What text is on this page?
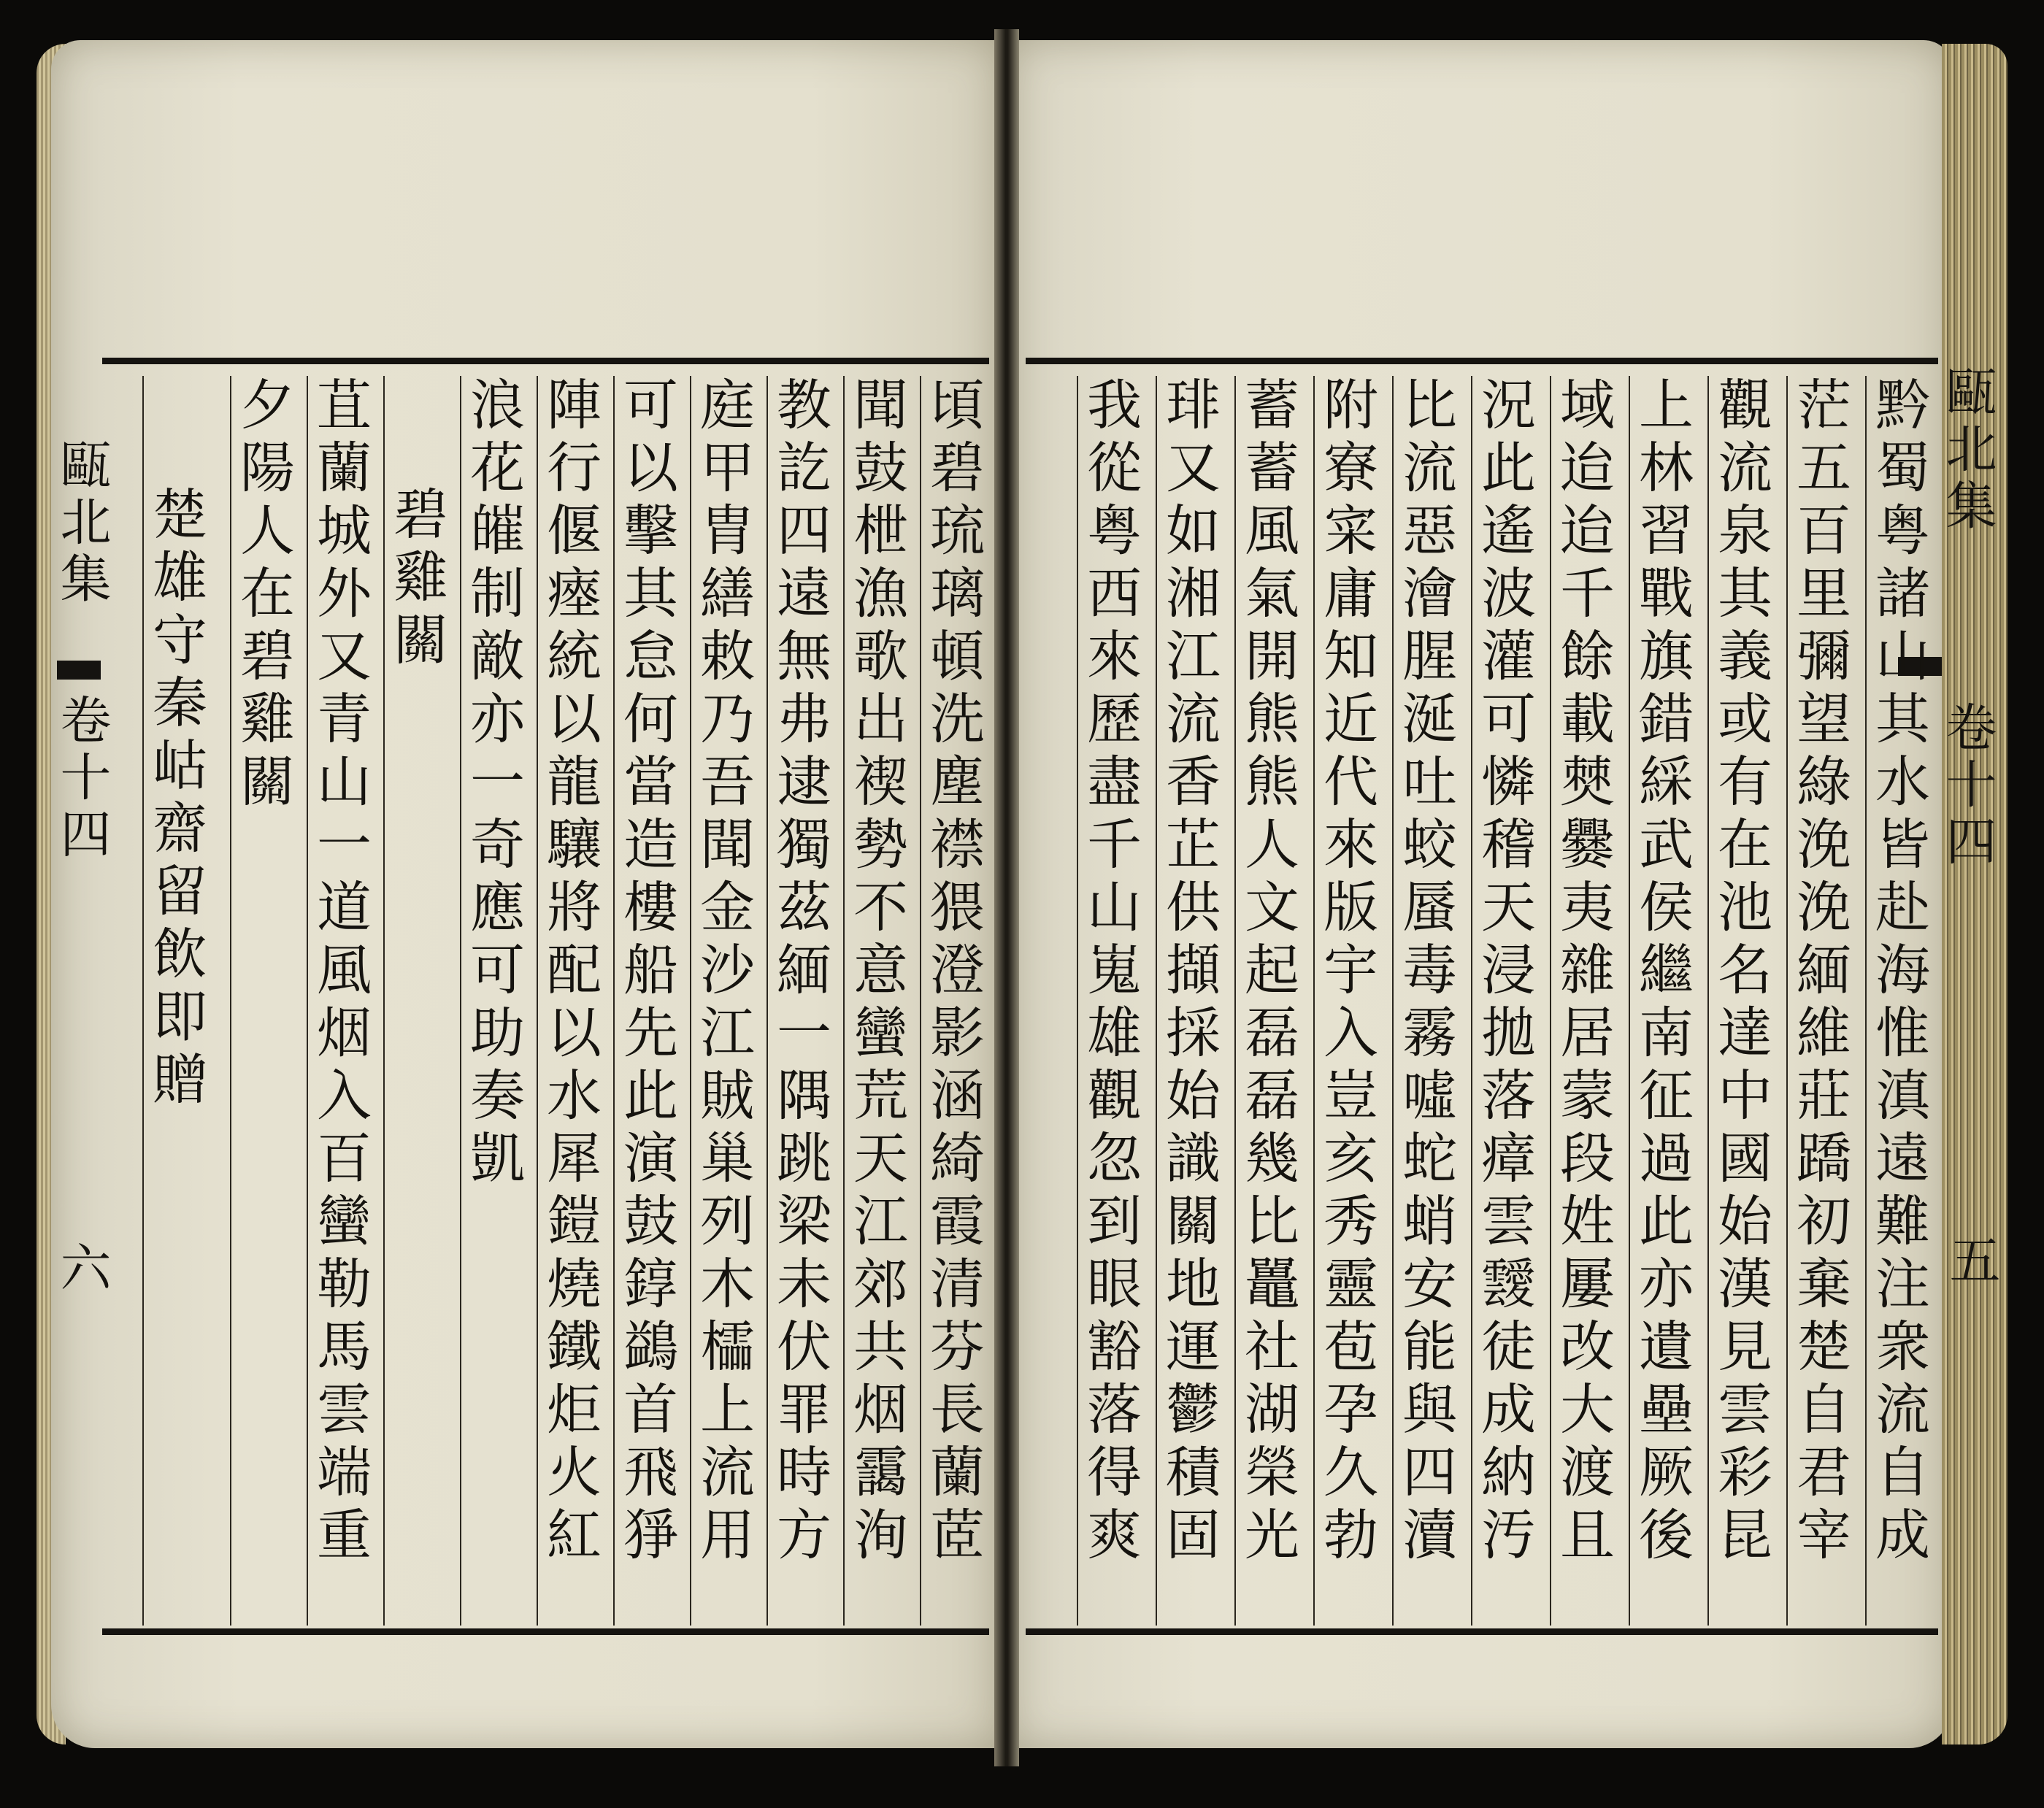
甌北集
卷十四
六
甌北集
卷十四
五
頃碧琉璃頓洗塵襟猥澄影涵綺霞清芬長蘭茝
聞鼓枻漁歌出褉勢不意蠻荒天江郊共烟靄洵
教訖四遠無弗逮獨茲緬一隅跳梁未伏罪時方
庭甲胄繕敕乃吾聞金沙江賊巢列木櫺上流用
可以擊其怠何當造樓船先此演鼓錞鷁首飛猙
陣行偃瘞統以龍驤將配以水犀鎧燒鐵炬火紅
浪花皠制敵亦一奇應可助奏凱
碧雞關
苴蘭城外又青山一道風烟入百蠻勒馬雲端重
夕陽人在碧雞關
楚雄守秦岵齋留飲即贈
黔蜀粤諸山其水皆赴海惟滇遠難注衆流自成
茫五百里彌望綠浼浼緬維莊蹻初棄楚自君宰
觀流泉其義或有在池名達中國始漢見雲彩昆
上林習戰旗錯綵武侯繼南征過此亦遺壘厥後
域迨迨千餘載僰爨夷雜居蒙段姓屢改大渡且
況此遙波灌可憐稽天浸拋落瘴雲靉徒成納汚
比流惡澮腥涎吐蛟蜃毒霧噓蛇蛸安能與四瀆
附寮寀庸知近代來版宇入豈亥秀靈苞孕久勃
蓄蓄風氣開熊熊人文起磊磊幾比鼉社湖榮光
琲又如湘江流香芷供擷採始識關地運鬱積固
我從粤西來歷盡千山嵬雄觀忽到眼豁落得爽
